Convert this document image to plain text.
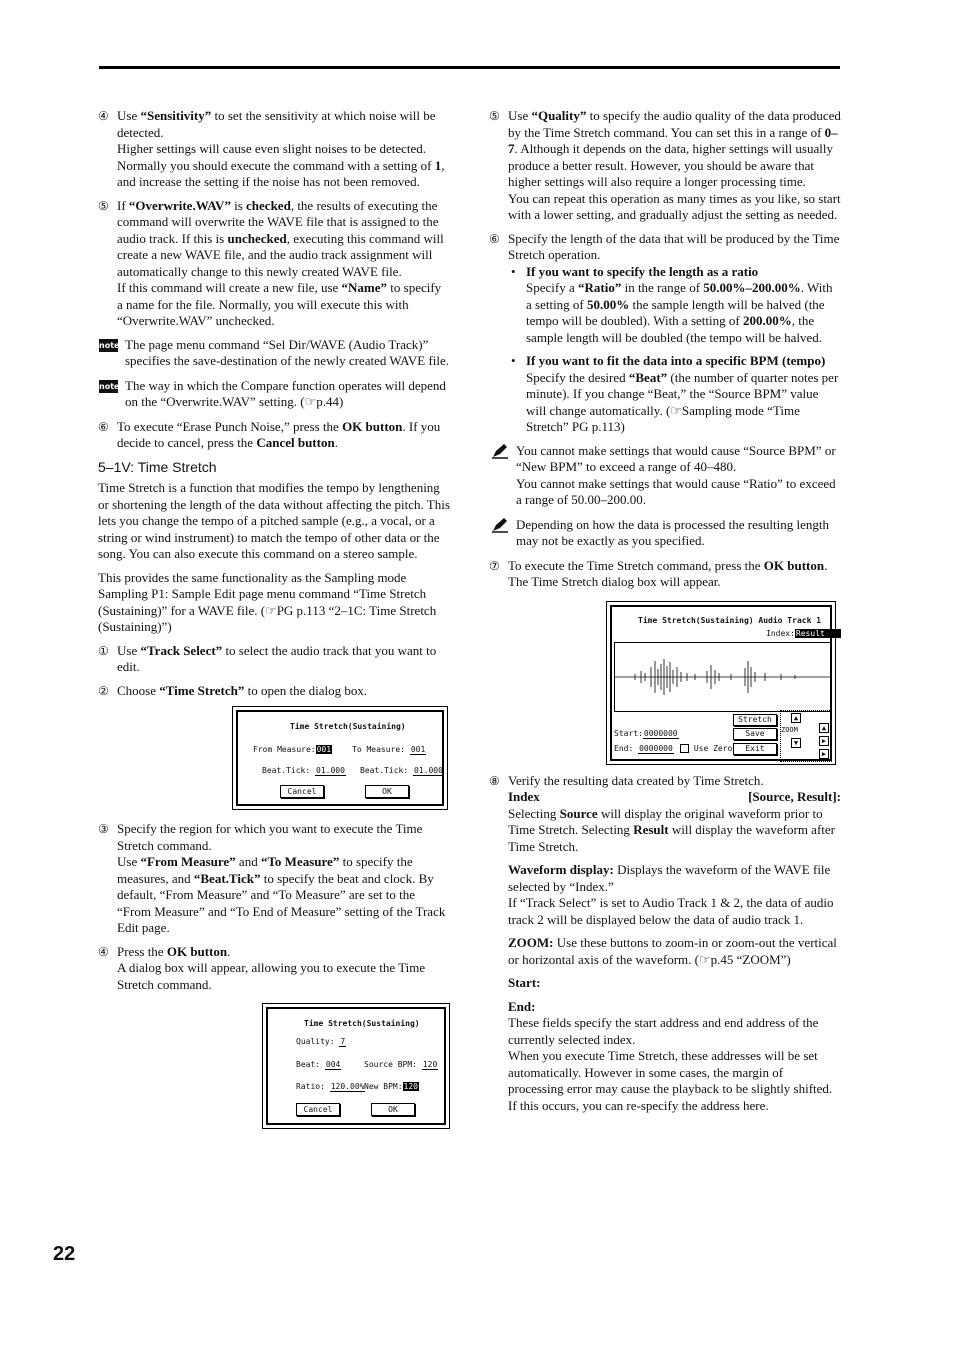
④ Use “Sensitivity” to set the sensitivity at which noise will be detected.
Higher settings will cause even slight noises to be detected. Normally you should execute the command with a setting of 1, and increase the setting if the noise has not been removed.
⑤ If “Overwrite.WAV” is checked, the results of executing the command will overwrite the WAVE file that is assigned to the audio track. If this is unchecked, executing this command will create a new WAVE file, and the audio track assignment will automatically change to this newly created WAVE file.
If this command will create a new file, use “Name” to specify a name for the file. Normally, you will execute this with “Overwrite.WAV” unchecked.
note The page menu command “Sel Dir/WAVE (Audio Track)” specifies the save-destination of the newly created WAVE file.
note The way in which the Compare function operates will depend on the “Overwrite.WAV” setting. (☞p.44)
⑥ To execute “Erase Punch Noise,” press the OK button. If you decide to cancel, press the Cancel button.
5–1V: Time Stretch

Time Stretch is a function that modifies the tempo by lengthening or shortening the length of the data without affecting the pitch. This lets you change the tempo of a pitched sample (e.g., a vocal, or a string or wind instrument) to match the tempo of other data or the song. You can also execute this command on a stereo sample.

This provides the same functionality as the Sampling mode Sampling P1: Sample Edit page menu command “Time Stretch (Sustaining)” for a WAVE file. (☞PG p.113 “2–1C: Time Stretch (Sustaining)”)

① Use “Track Select” to select the audio track that you want to edit.
② Choose “Time Stretch” to open the dialog box.
Time Stretch(Sustaining)
From Measure:001	To Measure: 001
Beat.Tick: 01.000 Beat.Tick: 01.000
Cancel	OK
③ Specify the region for which you want to execute the Time Stretch command.
Use “From Measure” and “To Measure” to specify the measures, and “Beat.Tick” to specify the beat and clock. By default, “From Measure” and “To Measure” are set to the “From Measure” and “To End of Measure” setting of the Track Edit page.
④ Press the OK button.
A dialog box will appear, allowing you to execute the Time Stretch command.
Time Stretch(Sustaining)
Quality: 7
Beat: 004	Source BPM: 120
Ratio: 120.00% New BPM:120
Cancel	OK
⑤ Use “Quality” to specify the audio quality of the data produced by the Time Stretch command. You can set this in a range of 0–7. Although it depends on the data, higher settings will usually produce a better result. However, you should be aware that higher settings will also require a longer processing time.
You can repeat this operation as many times as you like, so start with a lower setting, and gradually adjust the setting as needed.
⑥ Specify the length of the data that will be produced by the Time Stretch operation.
• If you want to specify the length as a ratio
Specify a “Ratio” in the range of 50.00%–200.00%. With a setting of 50.00% the sample length will be halved (the tempo will be doubled). With a setting of 200.00%, the sample length will be doubled (the tempo will be halved.
• If you want to fit the data into a specific BPM (tempo)
Specify the desired “Beat” (the number of quarter notes per minute). If you change “Beat,” the “Source BPM” value will change automatically. (☞Sampling mode “Time Stretch” PG p.113)
You cannot make settings that would cause “Source BPM” or “New BPM” to exceed a range of 40–480.
You cannot make settings that would cause “Ratio” to exceed a range of 50.00–200.00.
Depending on how the data is processed the resulting length may not be exactly as you specified.
⑦ To execute the Time Stretch command, press the OK button.
The Time Stretch dialog box will appear.
Time Stretch(Sustaining) Audio Track 1
Index:Result
Stretch
Save
Exit
Start:0000000
End: 0000000	Use Zero
▲
ZOOM	▲
▼	▶
▶
⑧ Verify the resulting data created by Time Stretch.

Index	[Source, Result]:

Selecting Source will display the original waveform prior to Time Stretch. Selecting Result will display the waveform after Time Stretch.

Waveform display: Displays the waveform of the WAVE file selected by “Index.”
If “Track Select” is set to Audio Track 1 & 2, the data of audio track 2 will be displayed below the data of audio track 1.

ZOOM: Use these buttons to zoom-in or zoom-out the vertical or horizontal axis of the waveform. (☞p.45 “ZOOM”)

Start:

End:
These fields specify the start address and end address of the currently selected index.
When you execute Time Stretch, these addresses will be set automatically. However in some cases, the margin of processing error may cause the playback to be slightly shifted. If this occurs, you can re-specify the address here.
22
